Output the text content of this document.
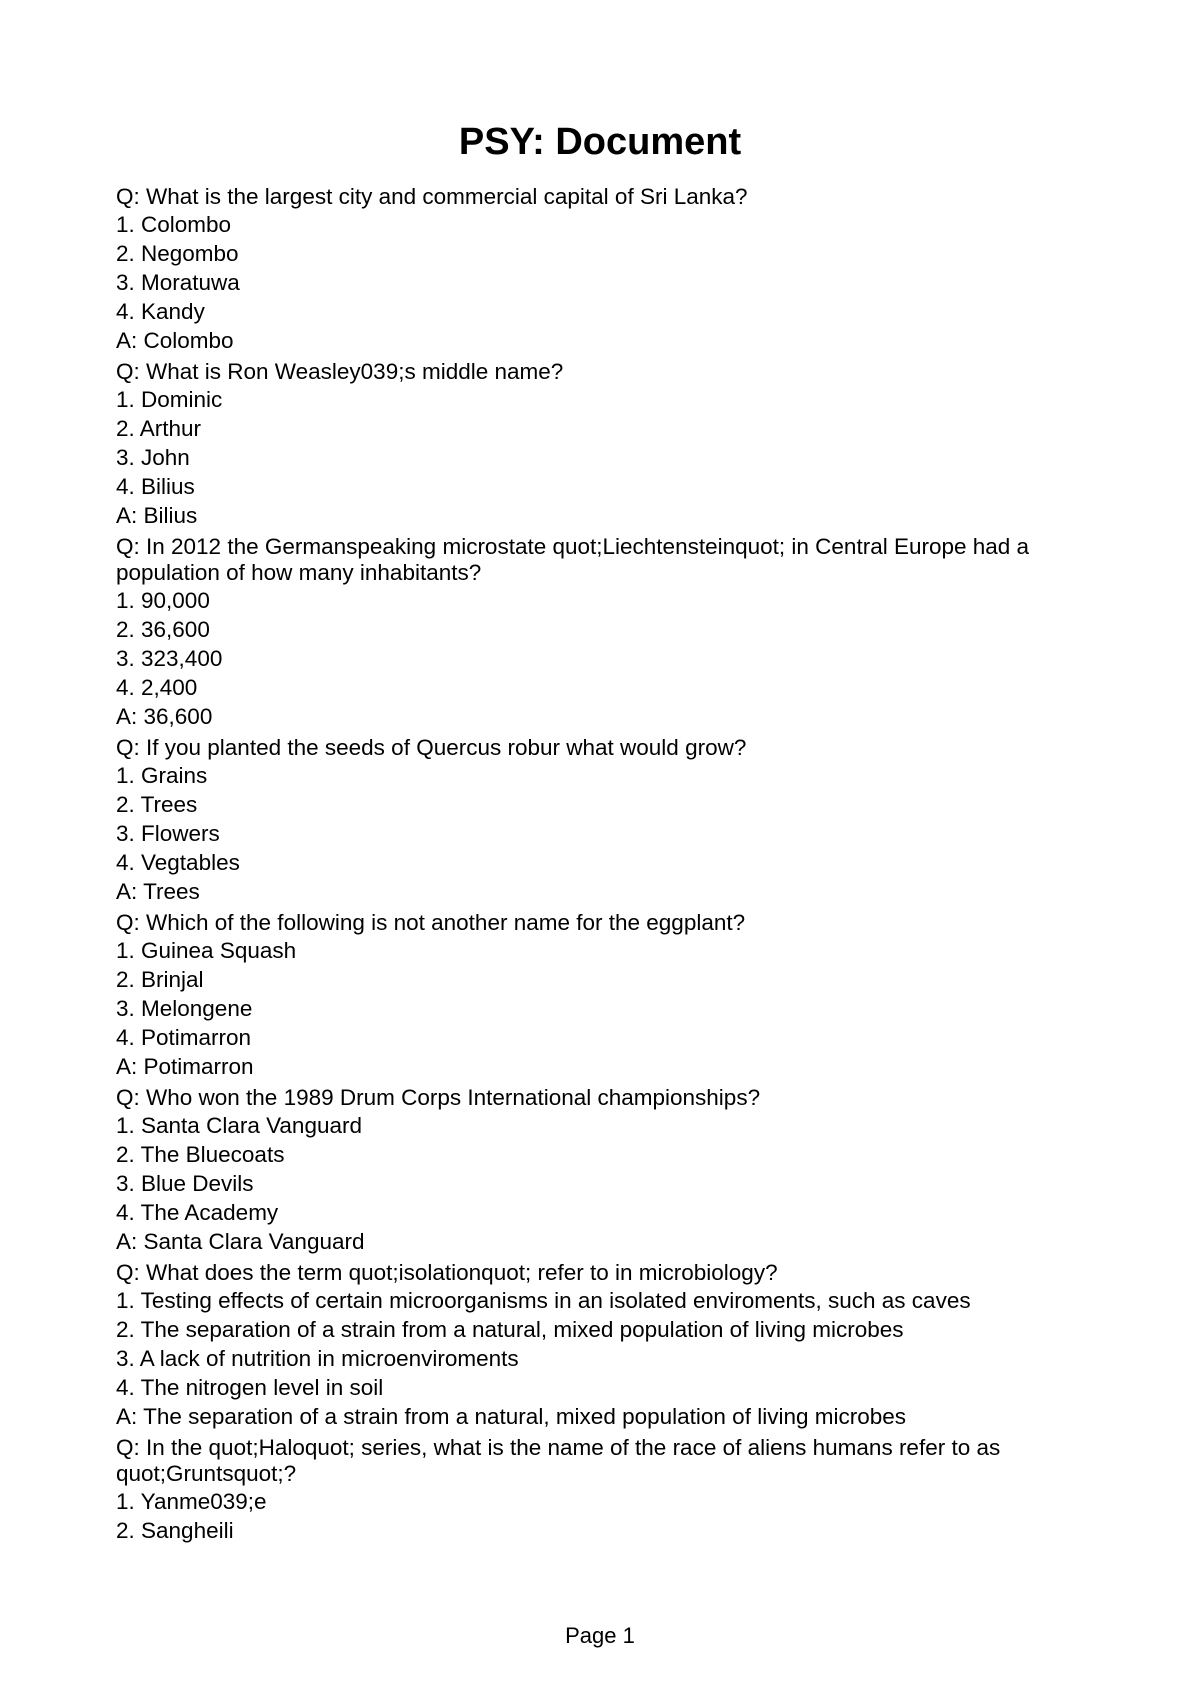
PSY: Document
Q: What is the largest city and commercial capital of Sri Lanka?
1. Colombo
2. Negombo
3. Moratuwa
4. Kandy
A: Colombo
Q: What is Ron Weasley039;s middle name?
1. Dominic
2. Arthur
3. John
4. Bilius
A: Bilius
Q: In 2012 the Germanspeaking microstate quot;Liechtensteinquot; in Central Europe had a population of how many inhabitants?
1. 90,000
2. 36,600
3. 323,400
4. 2,400
A: 36,600
Q: If you planted the seeds of Quercus robur what would grow?
1. Grains
2. Trees
3. Flowers
4. Vegtables
A: Trees
Q: Which of the following is not another name for the eggplant?
1. Guinea Squash
2. Brinjal
3. Melongene
4. Potimarron
A: Potimarron
Q: Who won the 1989 Drum Corps International championships?
1. Santa Clara Vanguard
2. The Bluecoats
3. Blue Devils
4. The Academy
A: Santa Clara Vanguard
Q: What does the term quot;isolationquot; refer to in microbiology?
1. Testing effects of certain microorganisms in an isolated enviroments, such as caves
2. The separation of a strain from a natural, mixed population of living microbes
3. A lack of nutrition in microenviroments
4. The nitrogen level in soil
A: The separation of a strain from a natural, mixed population of living microbes
Q: In the quot;Haloquot; series, what is the name of the race of aliens humans refer to as quot;Gruntsquot;?
1. Yanme039;e
2. Sangheili
Page 1
